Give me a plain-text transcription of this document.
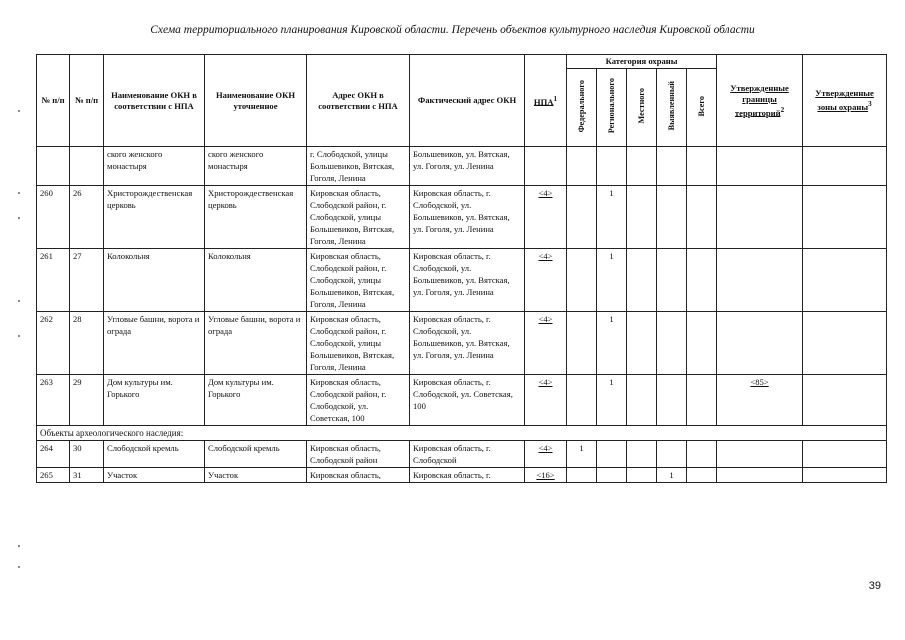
Схема территориального планирования Кировской области. Перечень объектов культурного наследия Кировской области
№ п/п	№ п/п	Наименование ОКН в соответствии с НПА	Наименование ОКН уточненное	Адрес ОКН в соответствии с НПА	Фактический адрес ОКН	НПА$^1$	Категория охраны					Утвержденные границы территорий$^2$	Утвержденные зоны охраны$^3$
							Федерального	Регионального	Местного	Выявленный	Всего		
		ского женского монастыря	ского женского монастыря	г. Слободской, улицы Большевиков, Вятская, Гоголя, Ленина	Большевиков, ул. Вятская, ул. Гоголя, ул. Ленина								
260	26	Христорождественская церковь	Христорождественская церковь	Кировская область, Слободской район, г. Слободской, улицы Большевиков, Вятская, Гоголя, Ленина	Кировская область, г. Слободской, ул. Большевиков, ул. Вятская, ул. Гоголя, ул. Ленина	<4>		1					
261	27	Колокольня	Колокольня	Кировская область, Слободской район, г. Слободской, улицы Большевиков, Вятская, Гоголя, Ленина	Кировская область, г. Слободской, ул. Большевиков, ул. Вятская, ул. Гоголя, ул. Ленина	<4>		1					
262	28	Угловые башни, ворота и ограда	Угловые башни, ворота и ограда	Кировская область, Слободской район, г. Слободской, улицы Большевиков, Вятская, Гоголя, Ленина	Кировская область, г. Слободской, ул. Большевиков, ул. Вятская, ул. Гоголя, ул. Ленина	<4>		1					
263	29	Дом культуры им. Горького	Дом культуры им. Горького	Кировская область, Слободской район, г. Слободской, ул. Советская, 100	Кировская область, г. Слободской, ул. Советская, 100	<4>		1				<85>	
Объекты археологического наследия:													
264	30	Слободской кремль	Слободской кремль	Кировская область, Слободской район	Кировская область, г. Слободской	<4>	1						
265	31	Участок	Участок	Кировская область,	Кировская область, г.	<16>				1			
39
